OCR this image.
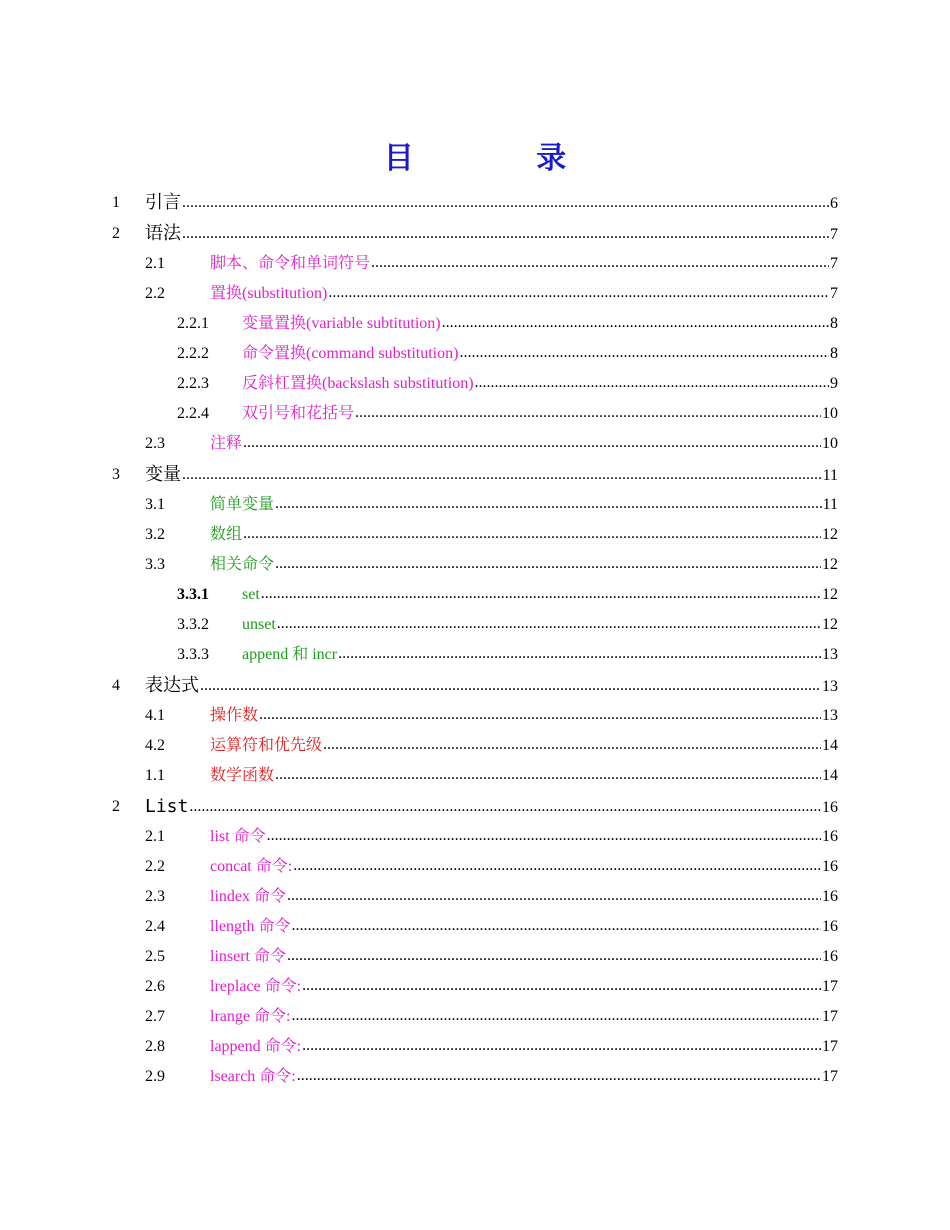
目 录
1 引言 .....	6
2 语法 .....	7
2.1	脚本、命令和单词符号 .....	7
2.2	置换(substitution) .....	7
2.2.1 变量置换(variable subtitution) .....	8
2.2.2 命令置换(command substitution) .....	8
2.2.3 反斜杠置换(backslash substitution) .....	9
2.2.4 双引号和花括号 .....	10
2.3	注释 .....	10
3 变量 .....	11
3.1	简单变量 .....	11
3.2	数组 .....	12
3.3	相关命令 .....	12
3.3.1 set .....	12
3.3.2 unset .....	12
3.3.3 append 和 incr .....	13
4 表达式 .....	13
4.1	操作数 .....	13
4.2	运算符和优先级 .....	14
1.1	数学函数 .....	14
2 List .....	16
2.1	list 命令 .....	16
2.2	concat 命令: .....	16
2.3	lindex 命令 .....	16
2.4	llength 命令 .....	16
2.5	linsert 命令 .....	16
2.6	lreplace 命令: .....	17
2.7	lrange 命令: .....	17
2.8	lappend 命令: .....	17
2.9	lsearch 命令: .....	17
